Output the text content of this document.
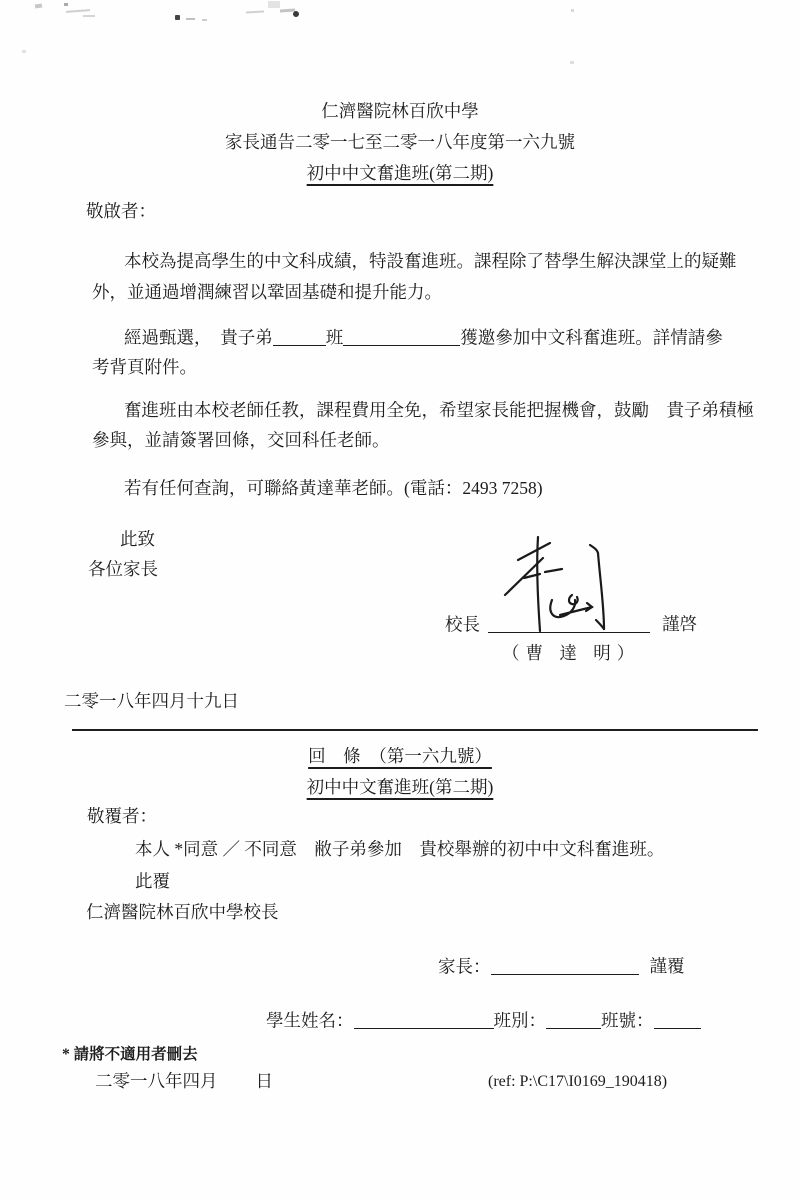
仁濟醫院林百欣中學
家長通告二零一七至二零一八年度第一六九號
初中中文奮進班(第二期)
敬啟者：
本校為提高學生的中文科成績，特設奮進班。課程除了替學生解決課堂上的疑難
外，並通過增潤練習以鞏固基礎和提升能力。
經過甄選，　貴子弟	班	獲邀參加中文科奮進班。詳情請參
考背頁附件。
奮進班由本校老師任教，課程費用全免，希望家長能把握機會，鼓勵　貴子弟積極
參與，並請簽署回條，交回科任老師。
若有任何查詢，可聯絡黃達華老師。(電話：2493 7258)
此致
各位家長
校長	謹啓
（曹 達 明）
二零一八年四月十九日
回　條　（第一六九號）
初中中文奮進班(第二期)
敬覆者：
本人 *同意 ／ 不同意　敝子弟參加　貴校舉辦的初中中文科奮進班。
此覆
仁濟醫院林百欣中學校長
家長：	謹覆
學生姓名：	班別：	班號：
* 請將不適用者刪去
二零一八年四月 日	(ref: P:\C17\I0169_190418)
